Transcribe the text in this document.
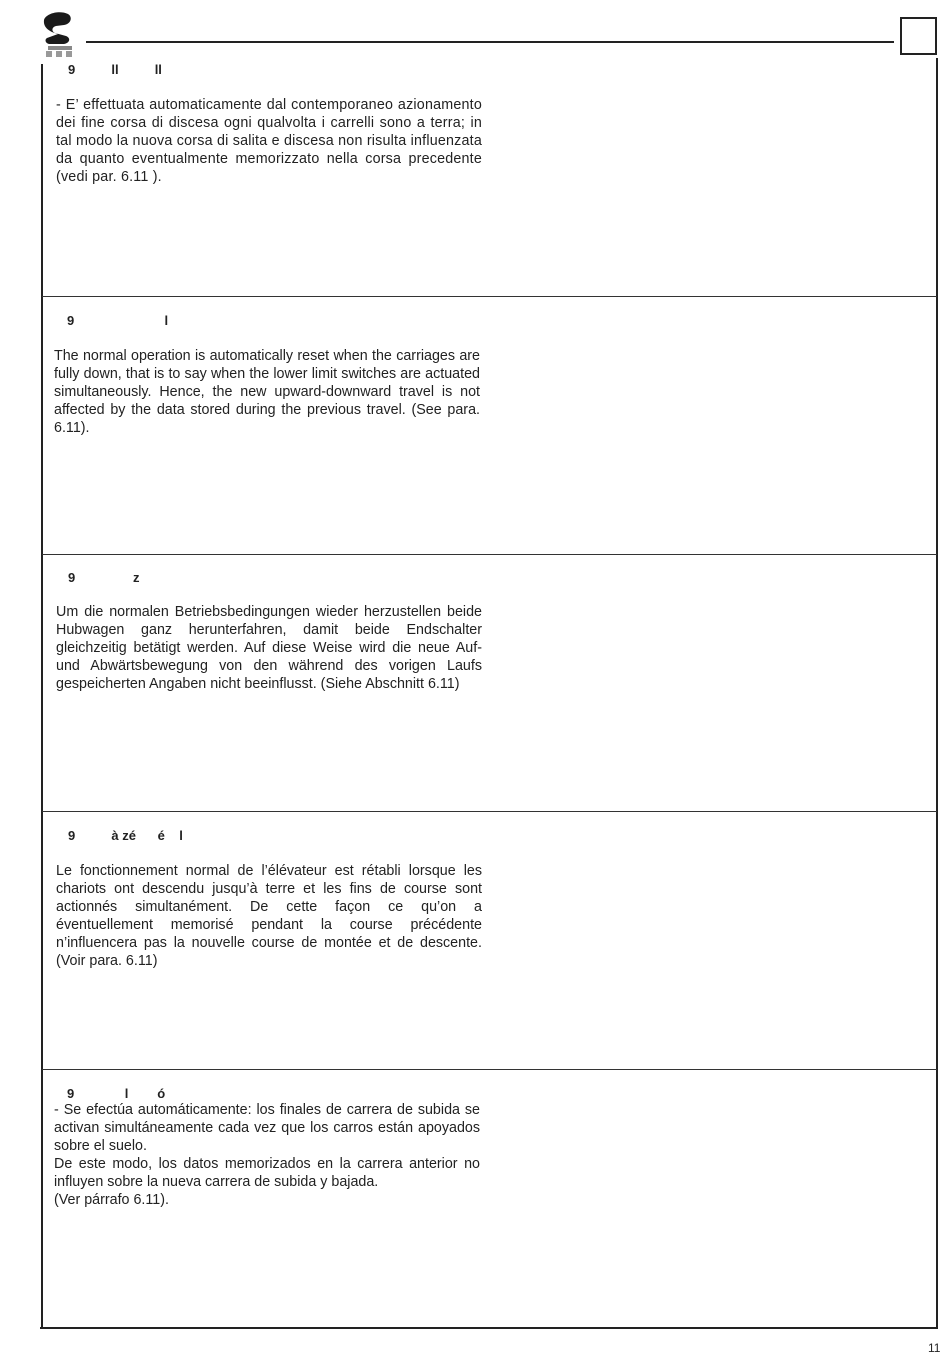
9          ll          ll

- E’ effettuata automaticamente dal contemporaneo azionamento dei fine corsa di discesa ogni qualvolta i carrelli sono a terra; in tal modo la nuova corsa di salita e discesa non risulta influenzata da quanto eventualmente memorizzato nella corsa precedente (vedi par. 6.11 ).

9                         l

The normal operation is automatically reset when the carriages are fully down, that is to say when the lower limit switches are actuated simultaneously. Hence, the new upward-downward travel is not affected by the data stored during the previous travel. (See para. 6.11).

9                z

Um die normalen Betriebsbedingungen wieder herzustellen beide Hubwagen ganz herunterfahren, damit beide Endschalter gleichzeitig betätigt werden. Auf diese Weise wird die neue Auf- und Abwärtsbewegung von den während des vorigen Laufs gespeicherten Angaben nicht beeinflusst. (Siehe Abschnitt 6.11)

9          à zé      é    l

Le fonctionnement normal de l’élévateur est rétabli lorsque les chariots ont descendu jusqu’à terre et les fins de course sont actionnés simultanément. De cette façon ce qu’on a éventuellement memorisé pendant la course précédente n’influencera pas la nouvelle course de montée et de descente. (Voir para. 6.11)

9              l        ó

- Se efectúa automáticamente: los finales de carrera de subida se activan simultáneamente cada vez que los carros están apoyados sobre el suelo.

De este modo, los datos memorizados en la carrera anterior no influyen sobre la nueva carrera de subida y bajada.

(Ver párrafo 6.11).

11
